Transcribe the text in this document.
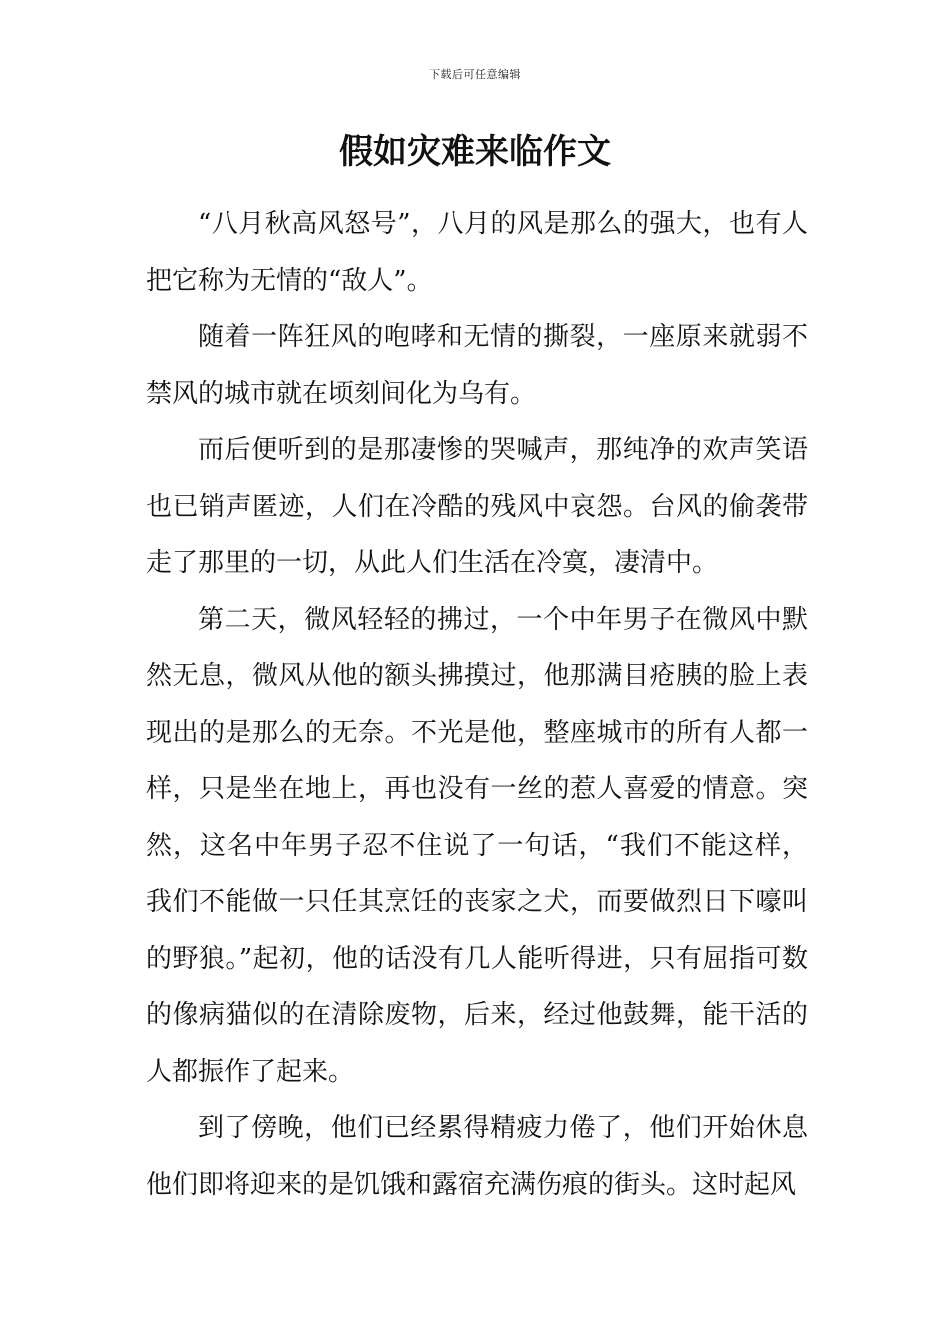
下载后可任意编辑
假如灾难来临作文

“八月秋高风怒号”，八月的风是那么的强大，也有人把它称为无情的“敌人”。

随着一阵狂风的咆哮和无情的撕裂，一座原来就弱不禁风的城市就在顷刻间化为乌有。

而后便听到的是那凄惨的哭喊声，那纯净的欢声笑语也已销声匿迹，人们在冷酷的残风中哀怨。台风的偷袭带走了那里的一切，从此人们生活在冷寞，凄清中。

第二天，微风轻轻的拂过，一个中年男子在微风中默然无息，微风从他的额头拂摸过，他那满目疮胰的脸上表现出的是那么的无奈。不光是他，整座城市的所有人都一样，只是坐在地上，再也没有一丝的惹人喜爱的情意。突然，这名中年男子忍不住说了一句话，“我们不能这样，我们不能做一只任其烹饪的丧家之犬，而要做烈日下嚎叫的野狼。”起初，他的话没有几人能听得进，只有屈指可数的像病猫似的在清除废物，后来，经过他鼓舞，能干活的人都振作了起来。

到了傍晚，他们已经累得精疲力倦了，他们开始休息他们即将迎来的是饥饿和露宿充满伤痕的街头。这时起风
